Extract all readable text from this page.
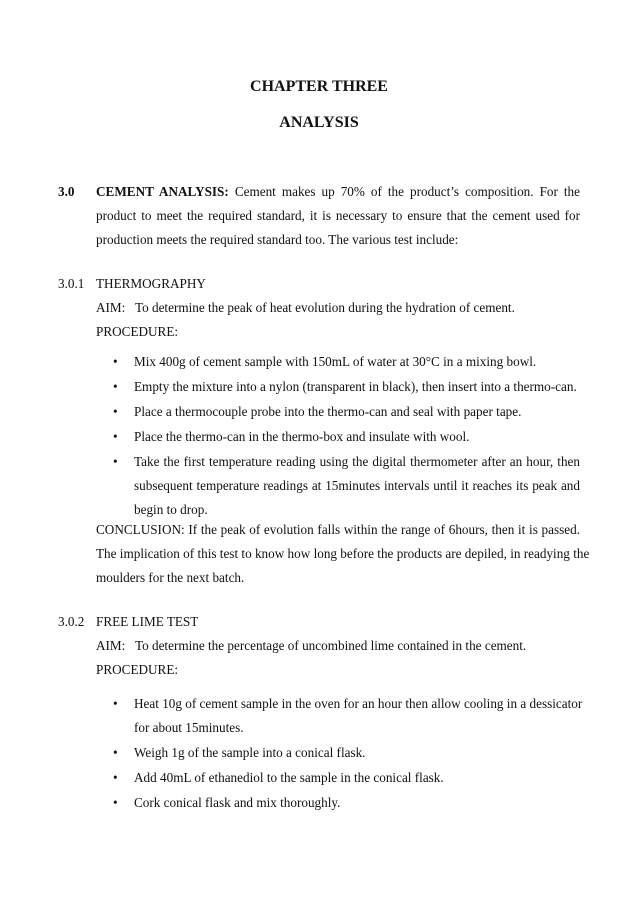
CHAPTER THREE
ANALYSIS
3.0 CEMENT ANALYSIS: Cement makes up 70% of the product’s composition. For the
product to meet the required standard, it is necessary to ensure that the cement used for
production meets the required standard too. The various test include:
3.0.1 THERMOGRAPHY
AIM:   To determine the peak of heat evolution during the hydration of cement.
PROCEDURE:
• Mix 400g of cement sample with 150mL of water at 30°C in a mixing bowl.
• Empty the mixture into a nylon (transparent in black), then insert into a thermo-can.
• Place a thermocouple probe into the thermo-can and seal with paper tape.
• Place the thermo-can in the thermo-box and insulate with wool.
• Take the first temperature reading using the digital thermometer after an hour, then
subsequent temperature readings at 15minutes intervals until it reaches its peak and
begin to drop.
CONCLUSION: If the peak of evolution falls within the range of 6hours, then it is passed.
The implication of this test to know how long before the products are depiled, in readying the
moulders for the next batch.
3.0.2 FREE LIME TEST
AIM:   To determine the percentage of uncombined lime contained in the cement.
PROCEDURE:
• Heat 10g of cement sample in the oven for an hour then allow cooling in a dessicator
for about 15minutes.
• Weigh 1g of the sample into a conical flask.
• Add 40mL of ethanediol to the sample in the conical flask.
• Cork conical flask and mix thoroughly.
